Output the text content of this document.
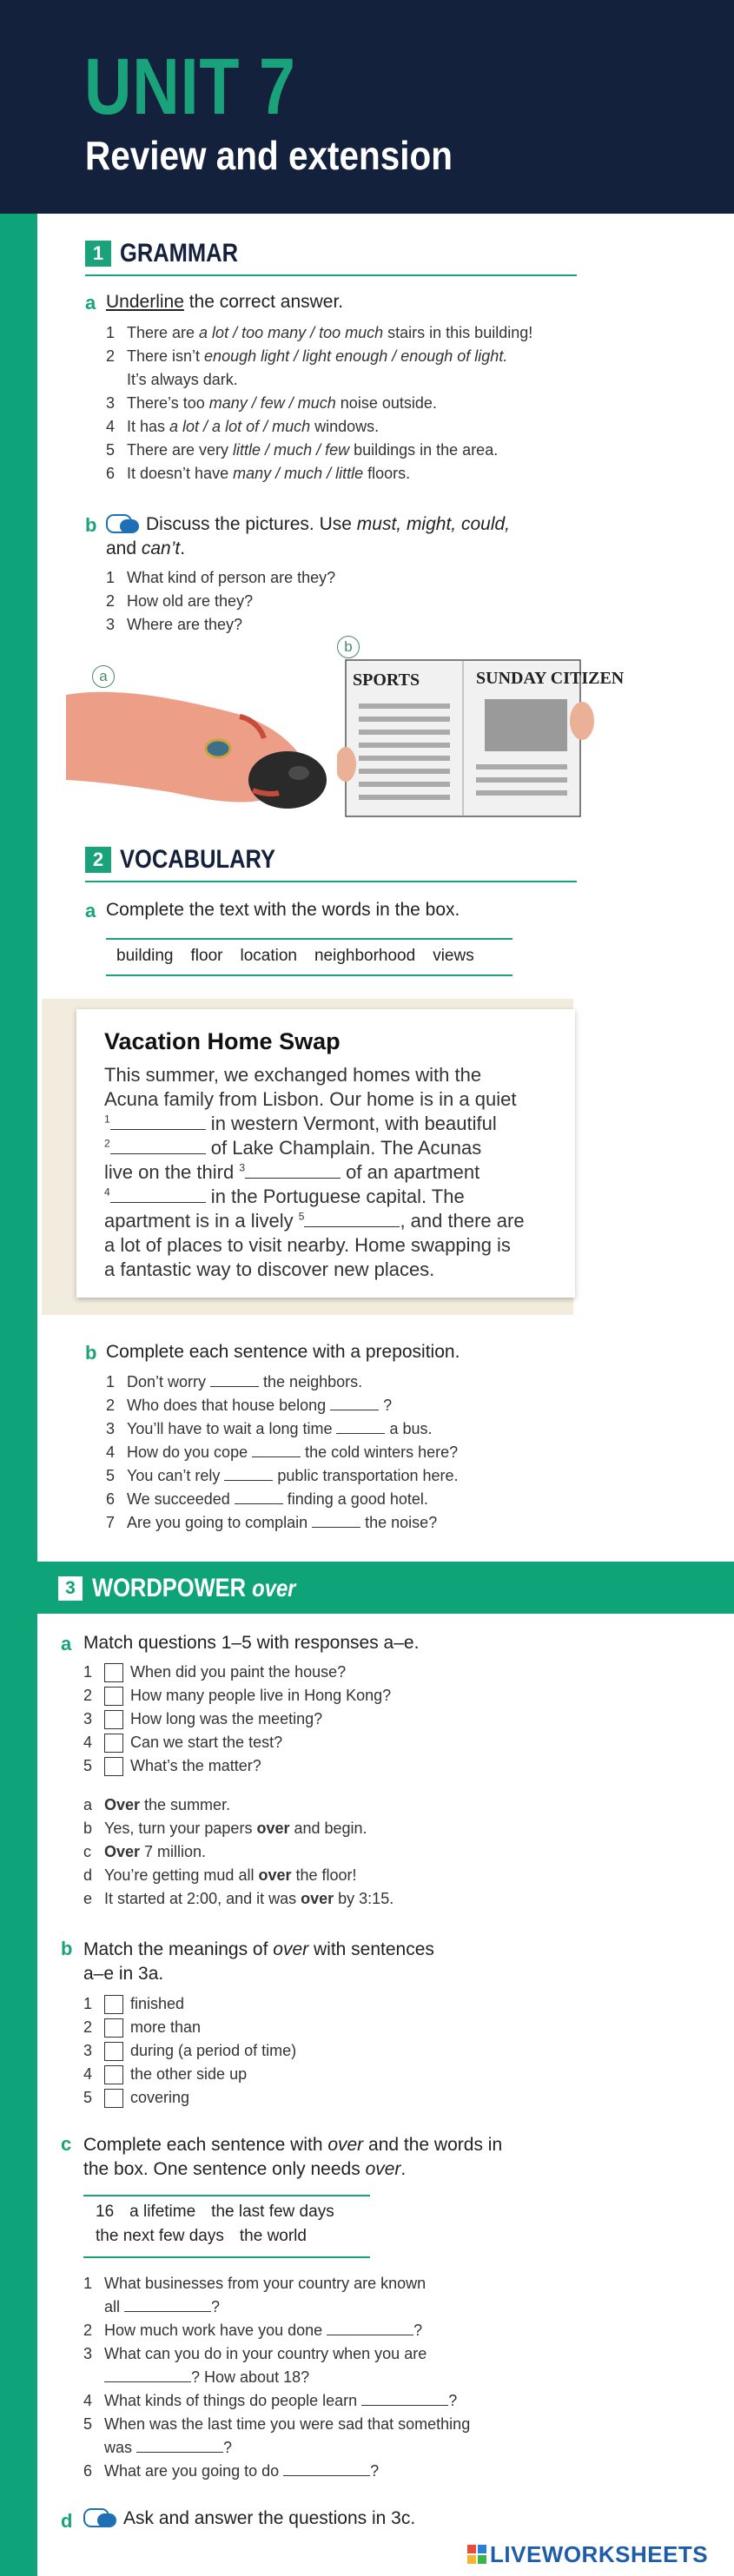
UNIT 7
Review and extension
1 GRAMMAR
a Underline the correct answer.
1 There are a lot / too many / too much stairs in this building!
2 There isn’t enough light / light enough / enough of light.
It’s always dark.
3 There’s too many / few / much noise outside.
4 It has a lot / a lot of / much windows.
5 There are very little / much / few buildings in the area.
6 It doesn’t have many / much / little floors.
b	Discuss the pictures. Use must, might, could,
and can’t.
1 What kind of person are they?
2 How old are they?
3 Where are they?
a
b
SPORTS	SUNDAY CITIZEN
2 VOCABULARY
a Complete the text with the words in the box.
building floor location neighborhood views
Vacation Home Swap
This summer, we exchanged homes with the
Acuna family from Lisbon. Our home is in a quiet
$^1$	in western Vermont, with beautiful
$^2$	of Lake Champlain. The Acunas
live on the third $^3$	of an apartment
$^4$	in the Portuguese capital. The
apartment is in a lively $^5$	, and there are
a lot of places to visit nearby. Home swapping is
a fantastic way to discover new places.
b Complete each sentence with a preposition.
1 Don’t worry	the neighbors.
2 Who does that house belong	?
3 You’ll have to wait a long time	a bus.
4 How do you cope	the cold winters here?
5 You can’t rely	public transportation here.
6 We succeeded	finding a good hotel.
7 Are you going to complain	the noise?
3 WORDPOWER over
a Match questions 1–5 with responses a–e.
1 When did you paint the house?
2 How many people live in Hong Kong?
3 How long was the meeting?
4 Can we start the test?
5 What’s the matter?
a Over the summer.
b Yes, turn your papers over and begin.
c Over 7 million.
d You’re getting mud all over the floor!
e It started at 2:00, and it was over by 3:15.
b Match the meanings of over with sentences
a–e in 3a.
1 finished
2 more than
3 during (a period of time)
4 the other side up
5 covering
c Complete each sentence with over and the words in
the box. One sentence only needs over.
16 a lifetime the last few days
the next few days the world
1 What businesses from your country are known
all	?
2 How much work have you done	?
3 What can you do in your country when you are
? How about 18?
4 What kinds of things do people learn	?
5 When was the last time you were sad that something
was	?
6 What are you going to do	?
d	Ask and answer the questions in 3c.
LIVEWORKSHEETS
